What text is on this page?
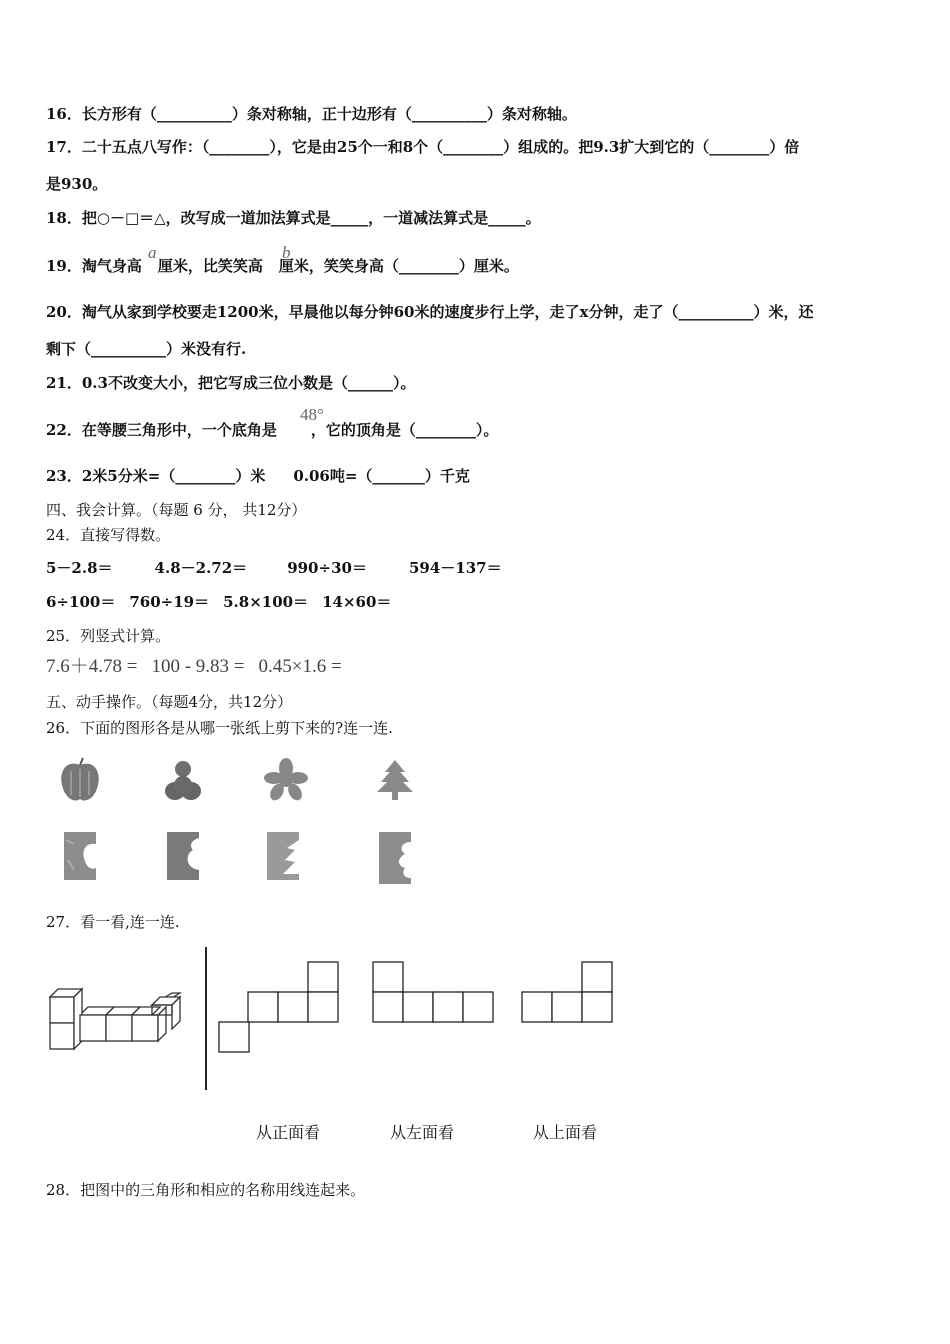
16．长方形有（__________）条对称轴，正十边形有（__________）条对称轴。
17．二十五点八写作：（________），它是由25个一和8个（________）组成的。把9.3扩大到它的（________）倍
是930。
18．把○－□＝△，改写成一道加法算式是_____，一道减法算式是_____。
19．淘气身高 厘米，比笑笑高 厘米，笑笑身高（________）厘米。
a	b
20．淘气从家到学校要走1200米，早晨他以每分钟60米的速度步行上学，走了x分钟，走了（__________）米，还
剩下（__________）米没有行.
21．0.3不改变大小，把它写成三位小数是（______）。
22．在等腰三角形中，一个底角是 ，它的顶角是（________）。
48°
23．2米5分米=（________）米 0.06吨=（_______）千克
四、我会计算。（每题 6 分， 共12分）
24．直接写得数。
5－2.8＝	4.8－2.72＝	990÷30＝	594－137＝
6÷100＝ 760÷19＝ 5.8×100＝ 14×60＝
25．列竖式计算。
7.6＋4.78 = 100 - 9.83 = 0.45×1.6 =
五、动手操作。（每题4分，共12分）
26．下面的图形各是从哪一张纸上剪下来的?连一连.
27．看一看,连一连.
从正面看	从左面看	从上面看
28．把图中的三角形和相应的名称用线连起来。
